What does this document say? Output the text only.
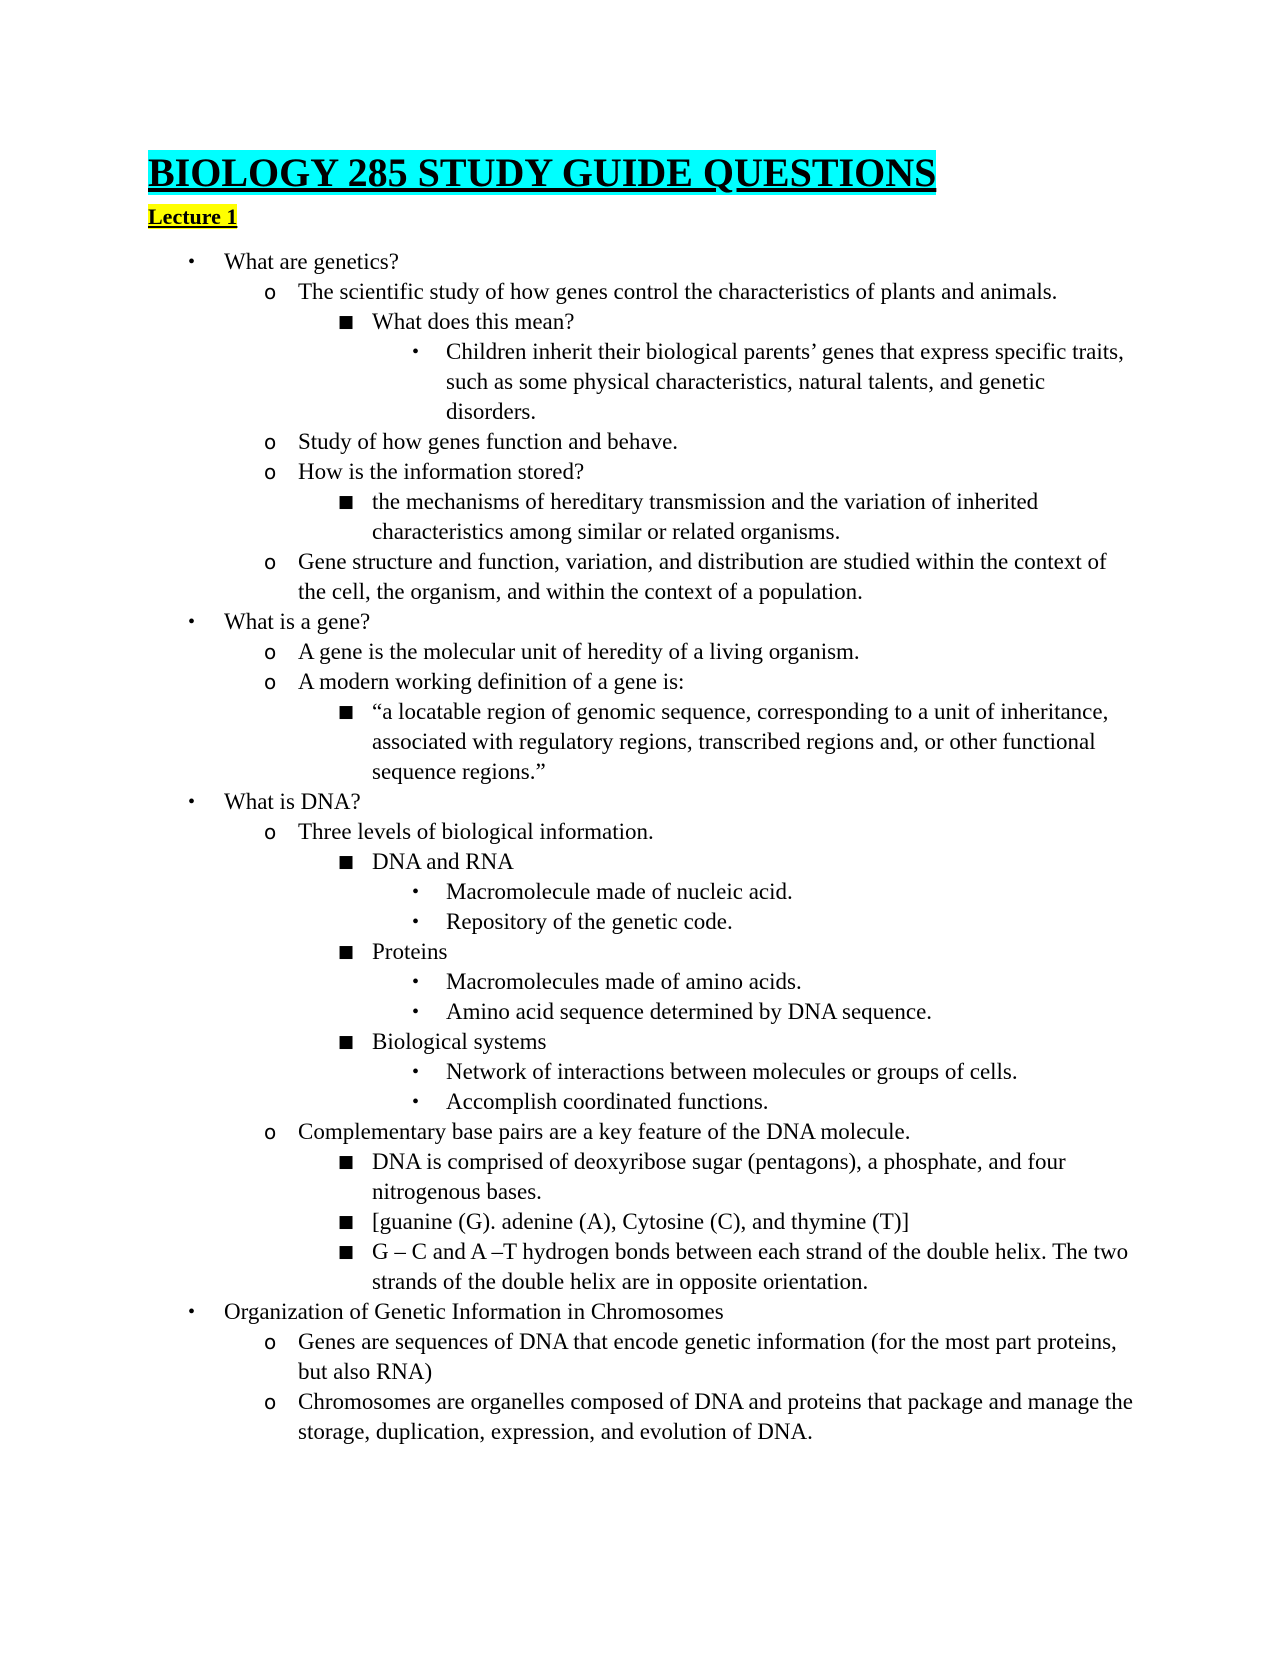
BIOLOGY 285 STUDY GUIDE QUESTIONS
Lecture 1
• What are genetics?
o The scientific study of how genes control the characteristics of plants and animals.
■ What does this mean?
• Children inherit their biological parents’ genes that express specific traits, such as some physical characteristics, natural talents, and genetic disorders.
o Study of how genes function and behave.
o How is the information stored?
■ the mechanisms of hereditary transmission and the variation of inherited characteristics among similar or related organisms.
o Gene structure and function, variation, and distribution are studied within the context of the cell, the organism, and within the context of a population.
• What is a gene?
o A gene is the molecular unit of heredity of a living organism.
o A modern working definition of a gene is:
■ “a locatable region of genomic sequence, corresponding to a unit of inheritance, associated with regulatory regions, transcribed regions and, or other functional sequence regions.”
• What is DNA?
o Three levels of biological information.
■ DNA and RNA
• Macromolecule made of nucleic acid.
• Repository of the genetic code.
■ Proteins
• Macromolecules made of amino acids.
• Amino acid sequence determined by DNA sequence.
■ Biological systems
• Network of interactions between molecules or groups of cells.
• Accomplish coordinated functions.
o Complementary base pairs are a key feature of the DNA molecule.
■ DNA is comprised of deoxyribose sugar (pentagons), a phosphate, and four nitrogenous bases.
■ [guanine (G). adenine (A), Cytosine (C), and thymine (T)]
■ G – C and A –T hydrogen bonds between each strand of the double helix. The two strands of the double helix are in opposite orientation.
• Organization of Genetic Information in Chromosomes
o Genes are sequences of DNA that encode genetic information (for the most part proteins, but also RNA)
o Chromosomes are organelles composed of DNA and proteins that package and manage the storage, duplication, expression, and evolution of DNA.
